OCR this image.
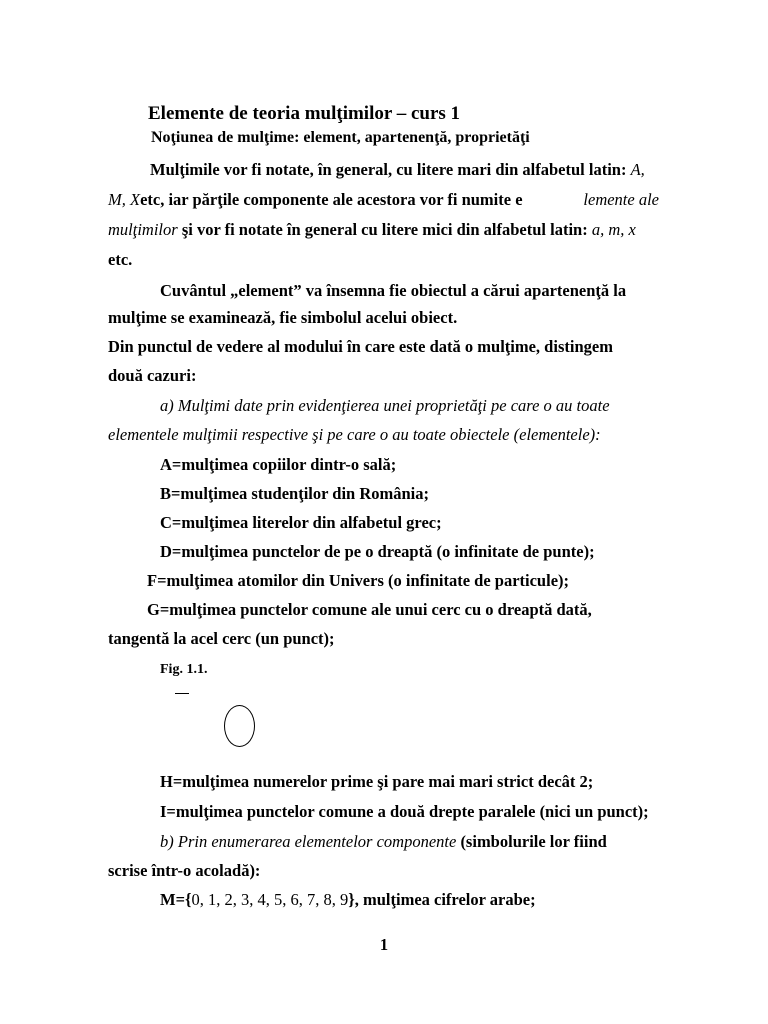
Elemente de teoria mulţimilor – curs 1
Noţiunea de mulţime: element, apartenenţă, proprietăţi
Mulţimile vor fi notate, în general, cu litere mari din alfabetul latin: A,
M, X etc, iar părţile componente ale acestora vor fi numite e	lemente ale
mulţimilor şi vor fi notate în general cu litere mici din alfabetul latin: a, m, x
etc.
Cuvântul „element” va însemna fie obiectul a cărui apartenenţă la
mulţime se examinează, fie simbolul acelui obiect.
Din punctul de vedere al modului în care este dată o mulţime, distingem
două cazuri:
a) Mulţimi date prin evidenţierea unei proprietăţi pe care o au toate
elementele mulţimii respective şi pe care o au toate obiectele (elementele):
A=mulţimea copiilor dintr-o sală;
B=mulţimea studenţilor din România;
C=mulţimea literelor din alfabetul grec;
D=mulţimea punctelor de pe o dreaptă (o infinitate de punte);
F=mulţimea atomilor din Univers (o infinitate de particule);
G=mulţimea punctelor comune ale unui cerc cu o dreaptă dată,
tangentă la acel cerc (un punct);
Fig. 1.1.
H=mulţimea numerelor prime şi pare mai mari strict decât 2;
I=mulţimea punctelor comune a două drepte paralele (nici un punct);
b) Prin enumerarea elementelor componente (simbolurile lor fiind
scrise într-o acoladă):
M={0, 1, 2, 3, 4, 5, 6, 7, 8, 9}, mulţimea cifrelor arabe;
1
